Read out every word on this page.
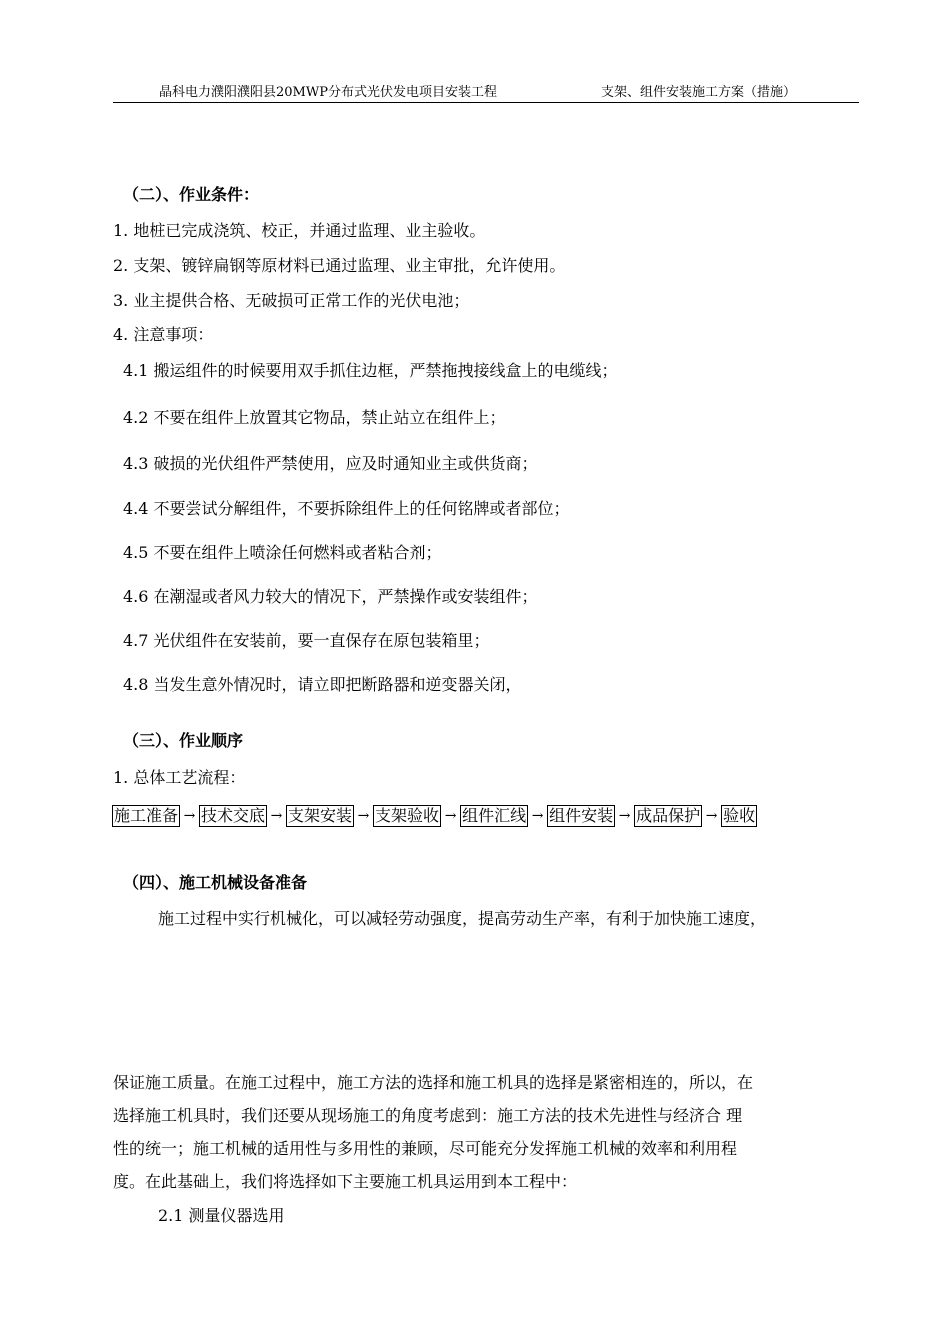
晶科电力濮阳濮阳县20MWP分布式光伏发电项目安装工程	支架、组件安装施工方案（措施）
（二）、作业条件：
1. 地桩已完成浇筑、校正，并通过监理、业主验收。
2. 支架、镀锌扁钢等原材料已通过监理、业主审批，允许使用。
3. 业主提供合格、无破损可正常工作的光伏电池；
4. 注意事项：
4.1 搬运组件的时候要用双手抓住边框，严禁拖拽接线盒上的电缆线；
4.2 不要在组件上放置其它物品，禁止站立在组件上；
4.3 破损的光伏组件严禁使用，应及时通知业主或供货商；
4.4 不要尝试分解组件，不要拆除组件上的任何铭牌或者部位；
4.5 不要在组件上喷涂任何燃料或者粘合剂；
4.6 在潮湿或者风力较大的情况下，严禁操作或安装组件；
4.7 光伏组件在安装前，要一直保存在原包装箱里；
4.8 当发生意外情况时，请立即把断路器和逆变器关闭，
（三）、作业顺序
1. 总体工艺流程：
施工准备 → 技术交底 → 支架安装 → 支架验收 → 组件汇线 → 组件安装 → 成品保护 → 验收
（四）、施工机械设备准备
施工过程中实行机械化，可以减轻劳动强度，提高劳动生产率，有利于加快施工速度，
保证施工质量。在施工过程中，施工方法的选择和施工机具的选择是紧密相连的，所以，在
选择施工机具时，我们还要从现场施工的角度考虑到：施工方法的技术先进性与经济合 理
性的统一；施工机械的适用性与多用性的兼顾，尽可能充分发挥施工机械的效率和利用程
度。在此基础上，我们将选择如下主要施工机具运用到本工程中：
2.1 测量仪器选用
